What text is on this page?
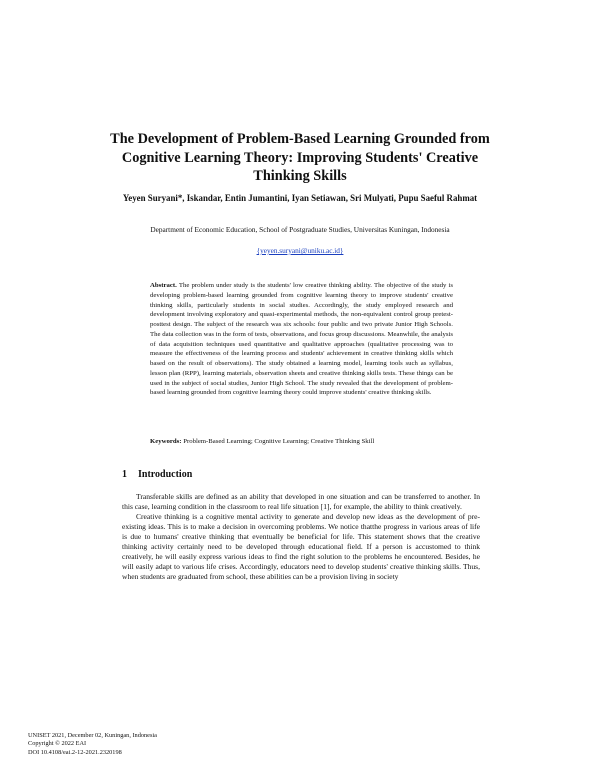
The Development of Problem-Based Learning Grounded from Cognitive Learning Theory: Improving Students' Creative Thinking Skills
Yeyen Suryani*, Iskandar, Entin Jumantini, Iyan Setiawan, Sri Mulyati, Pupu Saeful Rahmat
Department of Economic Education, School of Postgraduate Studies, Universitas Kuningan, Indonesia
{yeyen.suryani@uniku.ac.id}
Abstract. The problem under study is the students' low creative thinking ability. The objective of the study is developing problem-based learning grounded from cognitive learning theory to improve students' creative thinking skills, particularly students in social studies. Accordingly, the study employed research and development involving exploratory and quasi-experimental methods, the non-equivalent control group pretest-posttest design. The subject of the research was six schools: four public and two private Junior High Schools. The data collection was in the form of tests, observations, and focus group discussions. Meanwhile, the analysis of data acquisition techniques used quantitative and qualitative approaches (qualitative processing was to measure the effectiveness of the learning process and students' achievement in creative thinking skills which based on the result of observations). The study obtained a learning model, learning tools such as syllabus, lesson plan (RPP), learning materials, observation sheets and creative thinking skills tests. These things can be used in the subject of social studies, Junior High School. The study revealed that the development of problem-based learning grounded from cognitive learning theory could improve students' creative thinking skills.
Keywords: Problem-Based Learning; Cognitive Learning; Creative Thinking Skill
1 Introduction

Transferable skills are defined as an ability that developed in one situation and can be transferred to another. In this case, learning condition in the classroom to real life situation [1], for example, the ability to think creatively.

Creative thinking is a cognitive mental activity to generate and develop new ideas as the development of pre-existing ideas. This is to make a decision in overcoming problems. We notice thatthe progress in various areas of life is due to humans' creative thinking that eventually be beneficial for life. This statement shows that the creative thinking activity certainly need to be developed through educational field. If a person is accustomed to think creatively, he will easily express various ideas to find the right solution to the problems he encountered. Besides, he will easily adapt to various life crises. Accordingly, educators need to develop students' creative thinking skills. Thus, when students are graduated from school, these abilities can be a provision living in society

UNISET 2021, December 02, Kuningan, Indonesia
Copyright © 2022 EAI
DOI 10.4108/eai.2-12-2021.2320198
